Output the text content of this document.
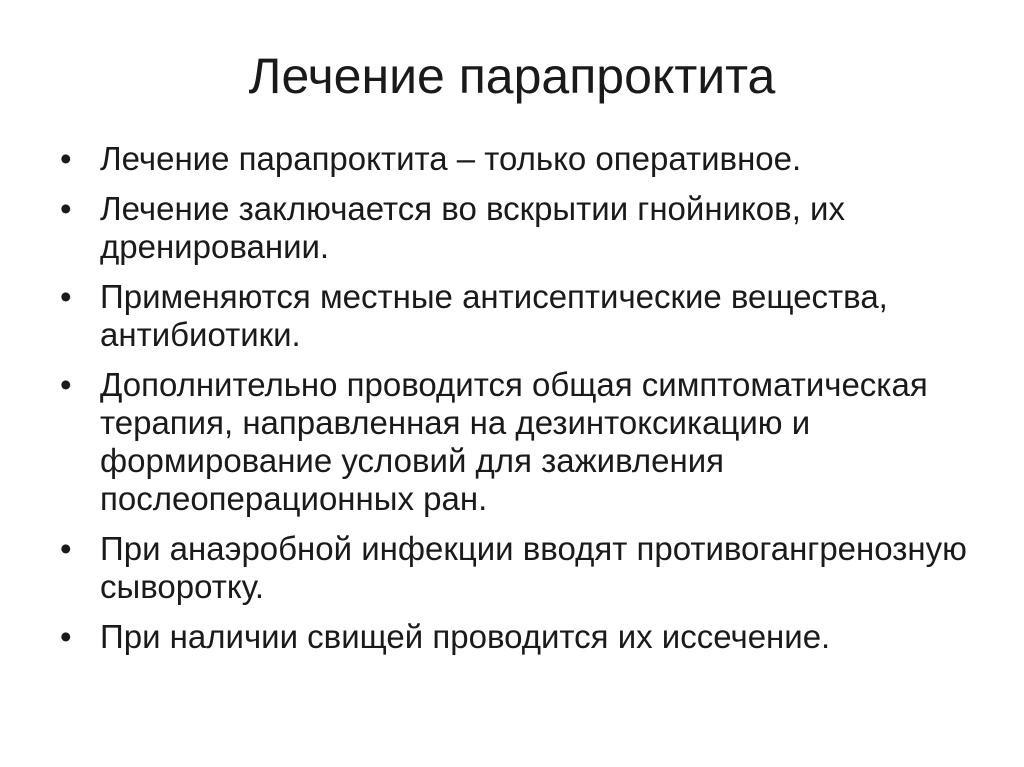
Лечение парапроктита
• Лечение парапроктита – только оперативное.
• Лечение заключается во вскрытии гнойников, их дренировании.
• Применяются местные антисептические вещества, антибиотики.
• Дополнительно проводится общая симптоматическая терапия, направленная на дезинтоксикацию и формирование условий для заживления послеоперационных ран.
• При анаэробной инфекции вводят противогангренозную сыворотку.
• При наличии свищей проводится их иссечение.
